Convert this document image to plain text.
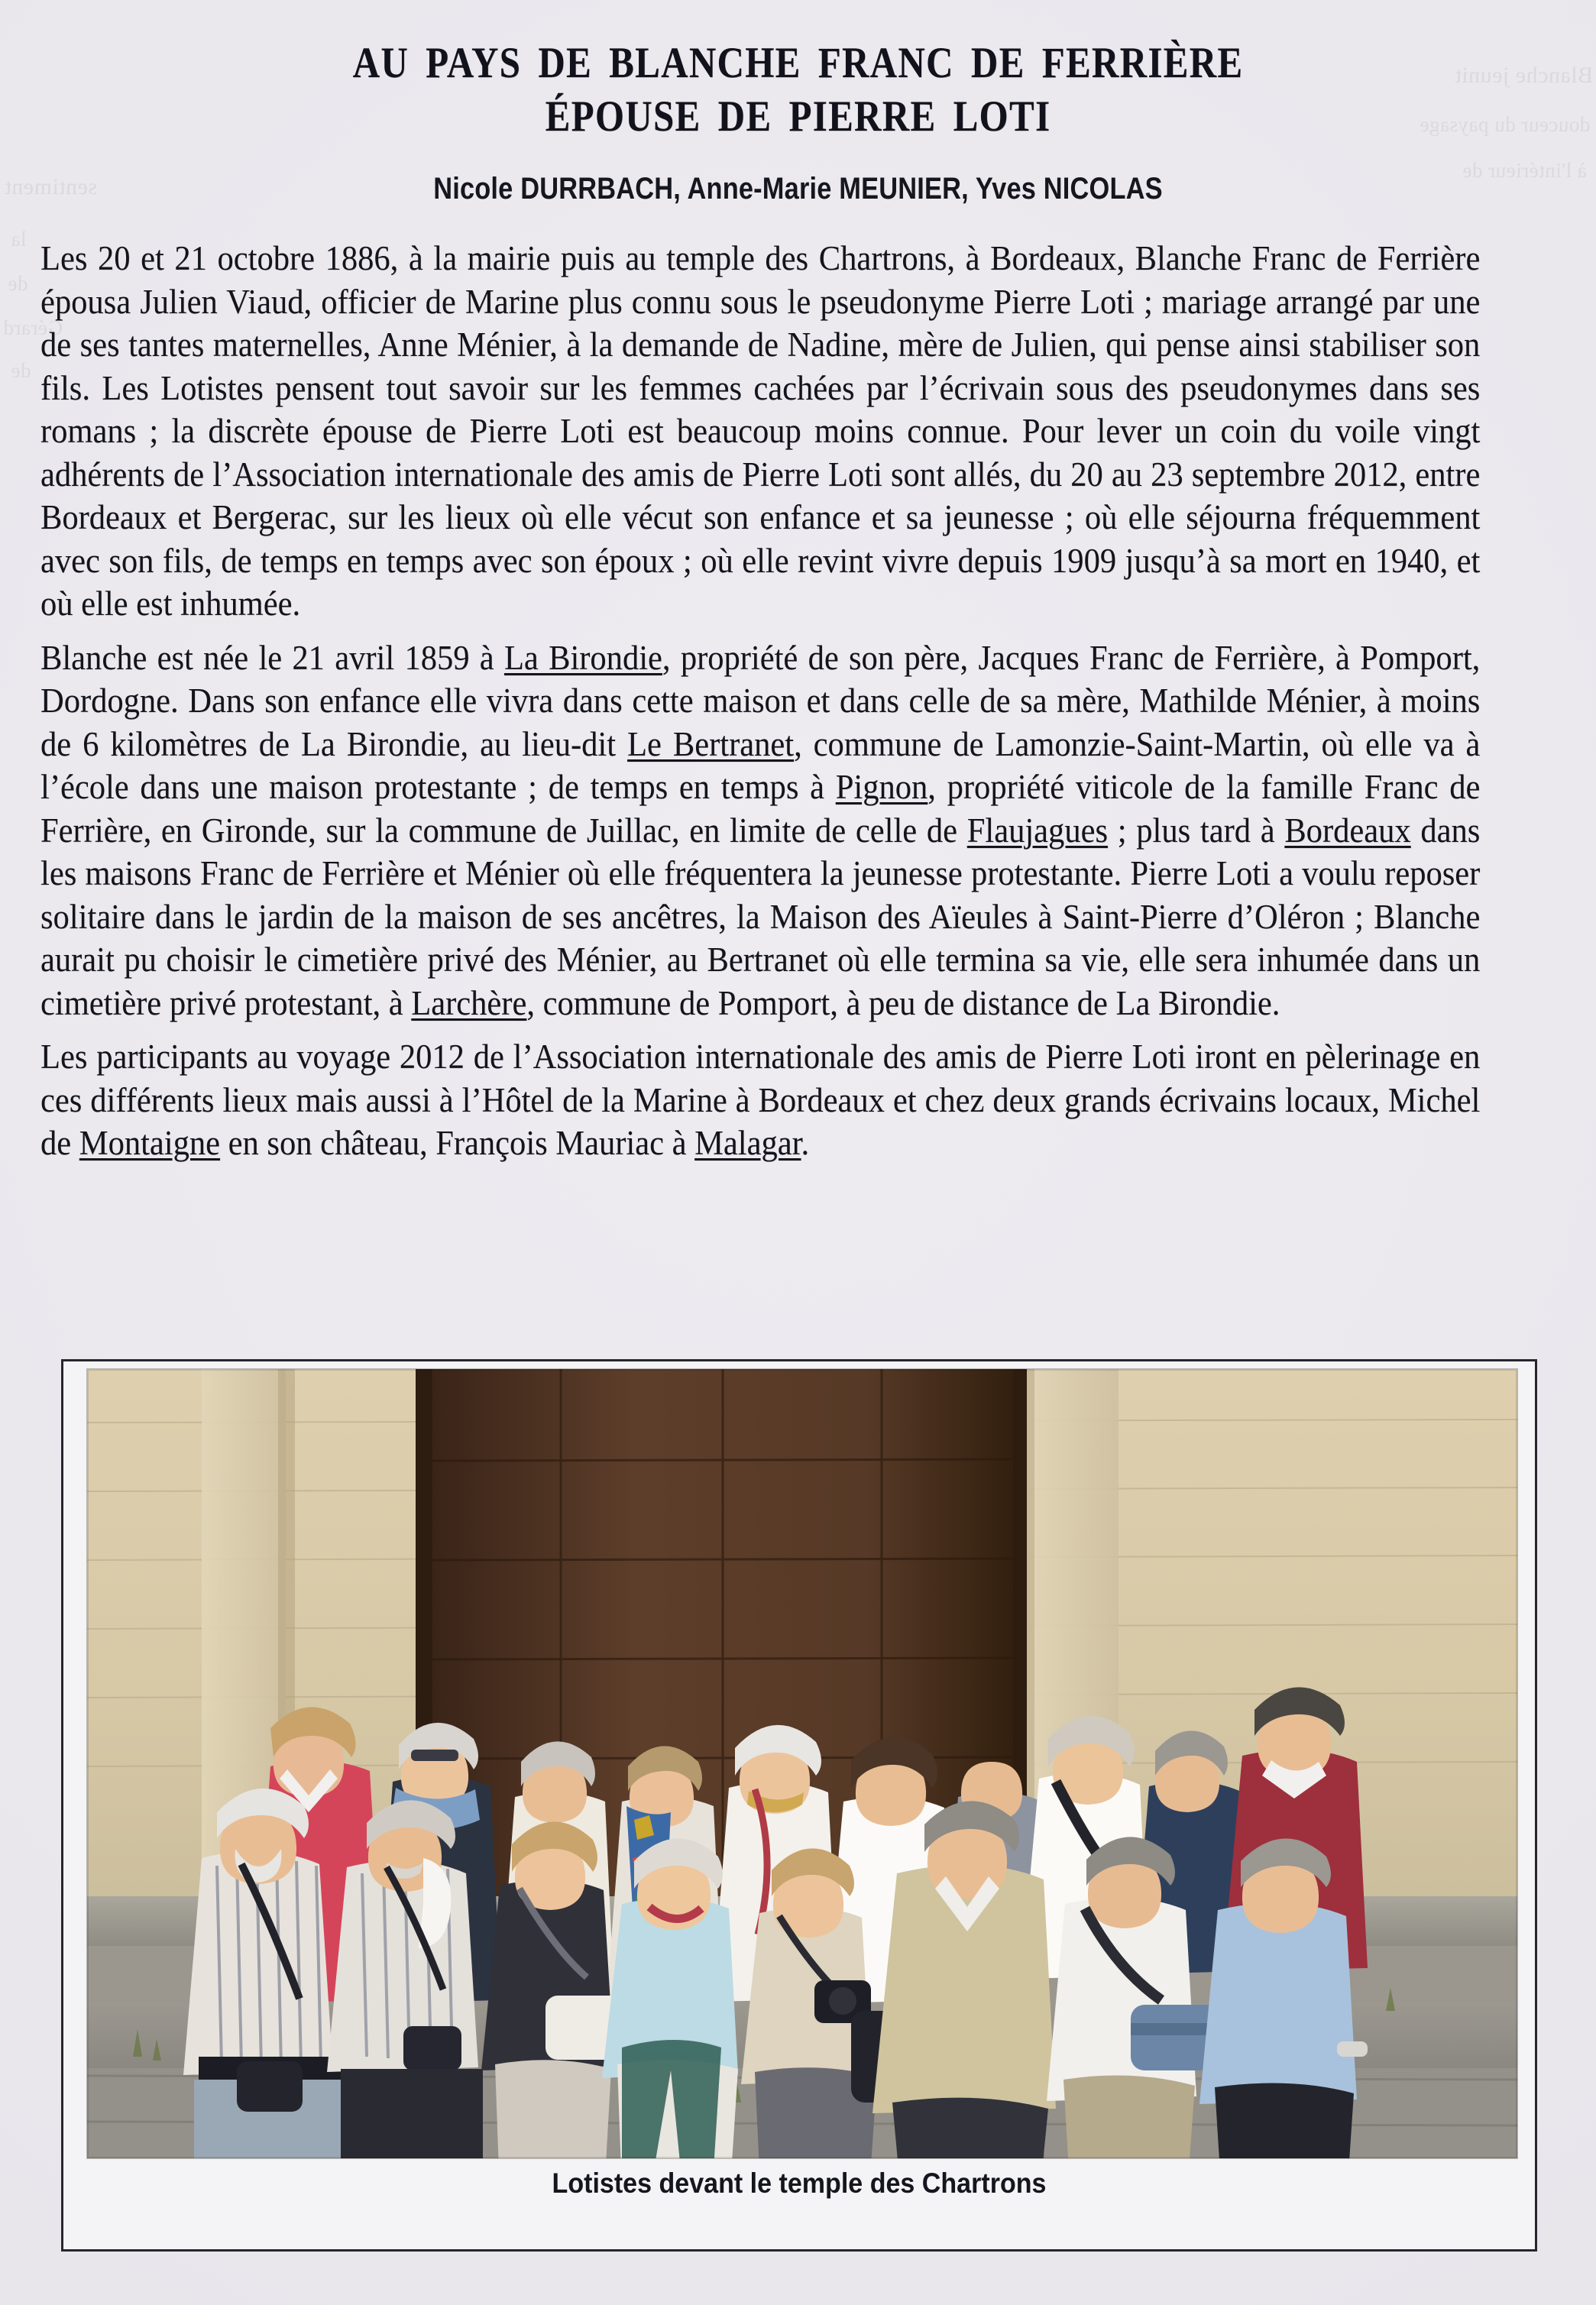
sentiment
la
de
Gérard
de
Blanche jeunit
douceur du paysage
à l'intérieur de
AU PAYS DE BLANCHE FRANC DE FERRIÈRE
ÉPOUSE DE PIERRE LOTI
Nicole DURRBACH, Anne-Marie MEUNIER, Yves NICOLAS

Les 20 et 21 octobre 1886, à la mairie puis au temple des Chartrons, à Bordeaux, Blanche Franc de Ferrière épousa Julien Viaud, officier de Marine plus connu sous le pseudonyme Pierre Loti ; mariage arrangé par une de ses tantes maternelles, Anne Ménier, à la demande de Nadine, mère de Julien, qui pense ainsi stabiliser son fils. Les Lotistes pensent tout savoir sur les femmes cachées par l’écrivain sous des pseudonymes dans ses romans ; la discrète épouse de Pierre Loti est beaucoup moins connue. Pour lever un coin du voile vingt adhérents de l’Association internationale des amis de Pierre Loti sont allés, du 20 au 23 septembre 2012, entre Bordeaux et Bergerac, sur les lieux où elle vécut son enfance et sa jeunesse ; où elle séjourna fréquemment avec son fils, de temps en temps avec son époux ; où elle revint vivre depuis 1909 jusqu’à sa mort en 1940, et où elle est inhumée.

Blanche est née le 21 avril 1859 à La Birondie, propriété de son père, Jacques Franc de Ferrière, à Pomport, Dordogne. Dans son enfance elle vivra dans cette maison et dans celle de sa mère, Mathilde Ménier, à moins de 6 kilomètres de La Birondie, au lieu-dit Le Bertranet, commune de Lamonzie-Saint-Martin, où elle va à l’école dans une maison protestante ; de temps en temps à Pignon, propriété viticole de la famille Franc de Ferrière, en Gironde, sur la commune de Juillac, en limite de celle de Flaujagues ; plus tard à Bordeaux dans les maisons Franc de Ferrière et Ménier où elle fréquentera la jeunesse protestante. Pierre Loti a voulu reposer solitaire dans le jardin de la maison de ses ancêtres, la Maison des Aïeules à Saint-Pierre d’Oléron ; Blanche aurait pu choisir le cimetière privé des Ménier, au Bertranet où elle termina sa vie, elle sera inhumée dans un cimetière privé protestant, à Larchère, commune de Pomport, à peu de distance de La Birondie.

Les participants au voyage 2012 de l’Association internationale des amis de Pierre Loti iront en pèlerinage en ces différents lieux mais aussi à l’Hôtel de la Marine à Bordeaux et chez deux grands écrivains locaux, Michel de Montaigne en son château, François Mauriac à Malagar.

Lotistes devant le temple des Chartrons
